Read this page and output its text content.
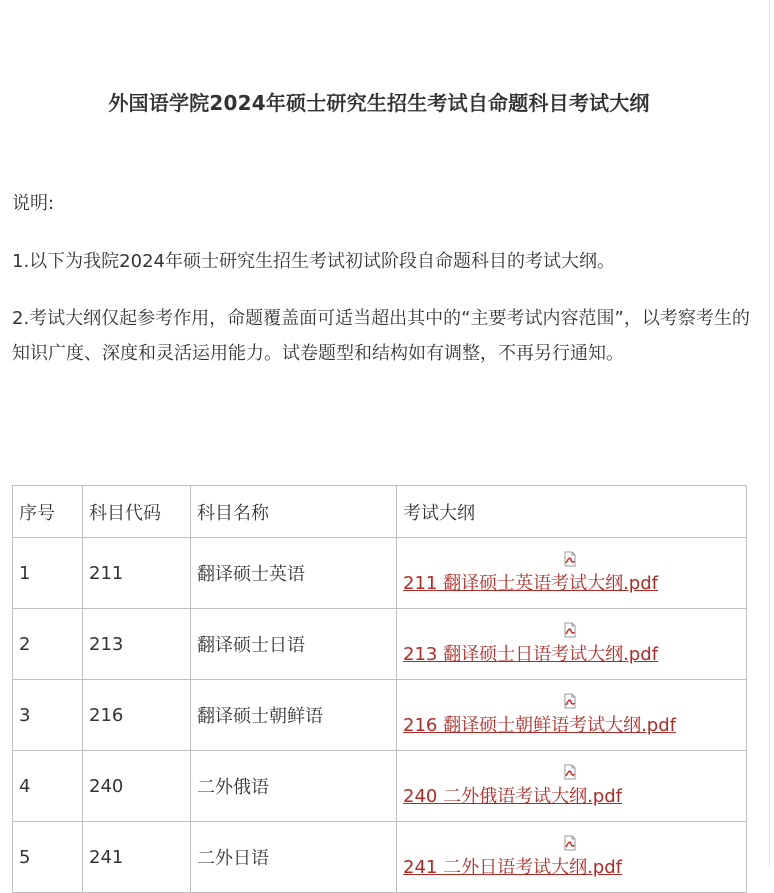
外国语学院2024年硕士研究生招生考试自命题科目考试大纲

说明:

1.以下为我院2024年硕士研究生招生考试初试阶段自命题科目的考试大纲。

2.考试大纲仅起参考作用，命题覆盖面可适当超出其中的“主要考试内容范围”，以考察考生的知识广度、深度和灵活运用能力。试卷题型和结构如有调整，不再另行通知。

序号	科目代码	科目名称	考试大纲
1	211	翻译硕士英语	211 翻译硕士英语考试大纲.pdf
2	213	翻译硕士日语	213 翻译硕士日语考试大纲.pdf
3	216	翻译硕士朝鲜语	216 翻译硕士朝鲜语考试大纲.pdf
4	240	二外俄语	240 二外俄语考试大纲.pdf
5	241	二外日语	241 二外日语考试大纲.pdf
